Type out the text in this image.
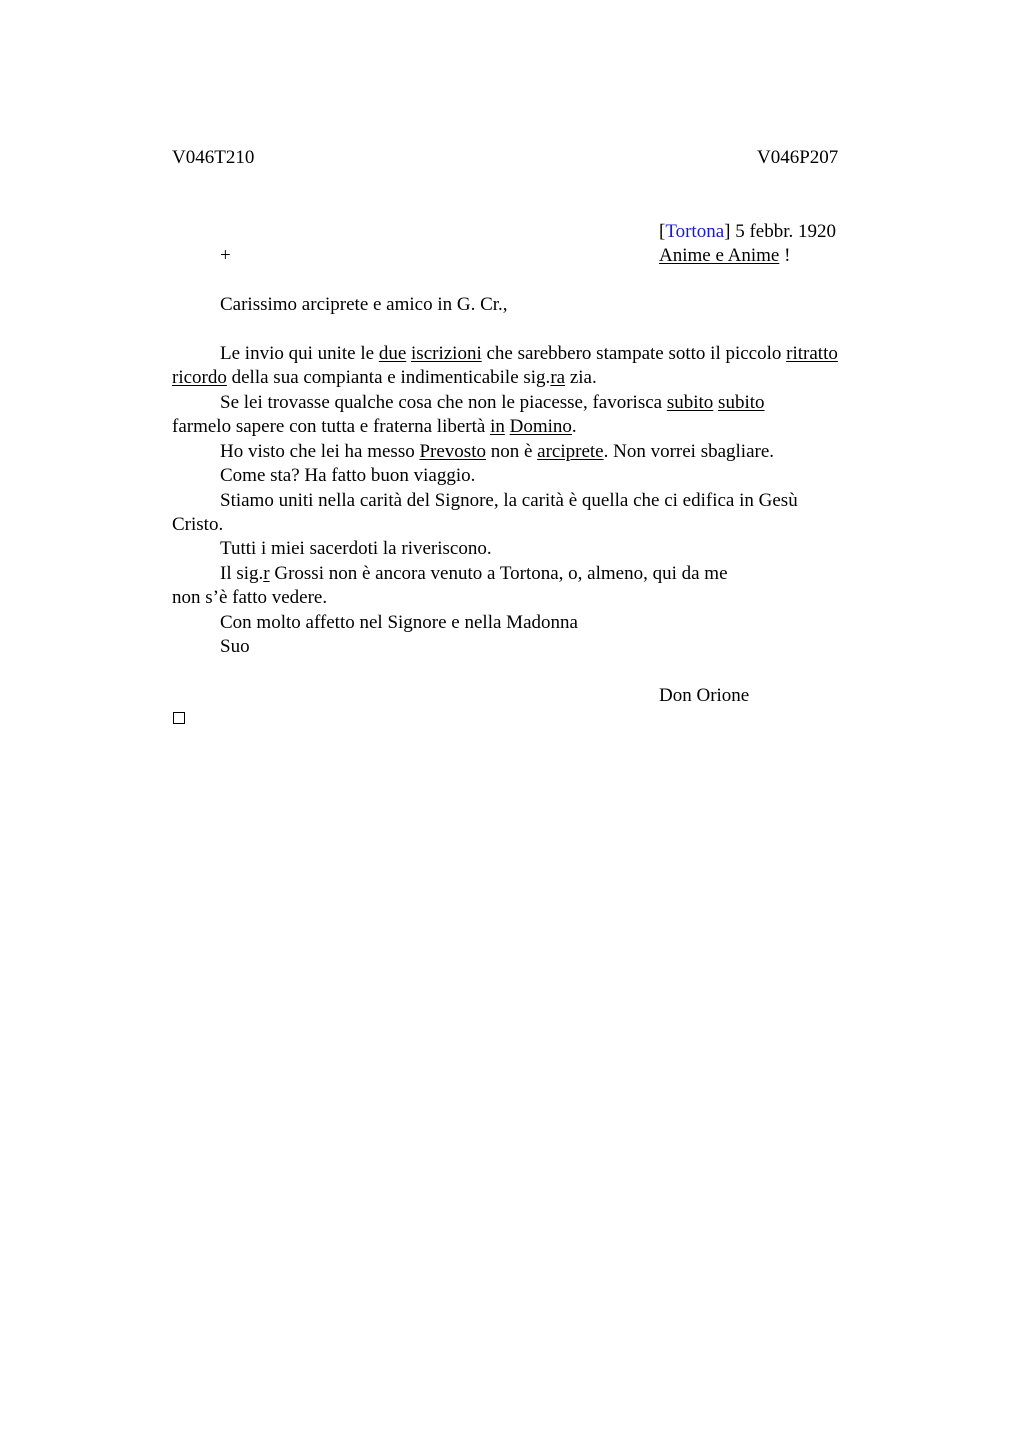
V046T210	V046P207
[Tortona] 5 febbr. 1920
+	Anime e Anime !
Carissimo arciprete e amico in G. Cr.,
Le invio qui unite le due iscrizioni che sarebbero stampate sotto il piccolo ritratto
ricordo della sua compianta e indimenticabile sig.ra zia.
Se lei trovasse qualche cosa che non le piacesse, favorisca subito subito
farmelo sapere con tutta e fraterna libertà in Domino.
Ho visto che lei ha messo Prevosto non è arciprete. Non vorrei sbagliare.
Come sta? Ha fatto buon viaggio.
Stiamo uniti nella carità del Signore, la carità è quella che ci edifica in Gesù
Cristo.
Tutti i miei sacerdoti la riveriscono.
Il sig.r Grossi non è ancora venuto a Tortona, o, almeno, qui da me
non s’è fatto vedere.
Con molto affetto nel Signore e nella Madonna
Suo
Don Orione
